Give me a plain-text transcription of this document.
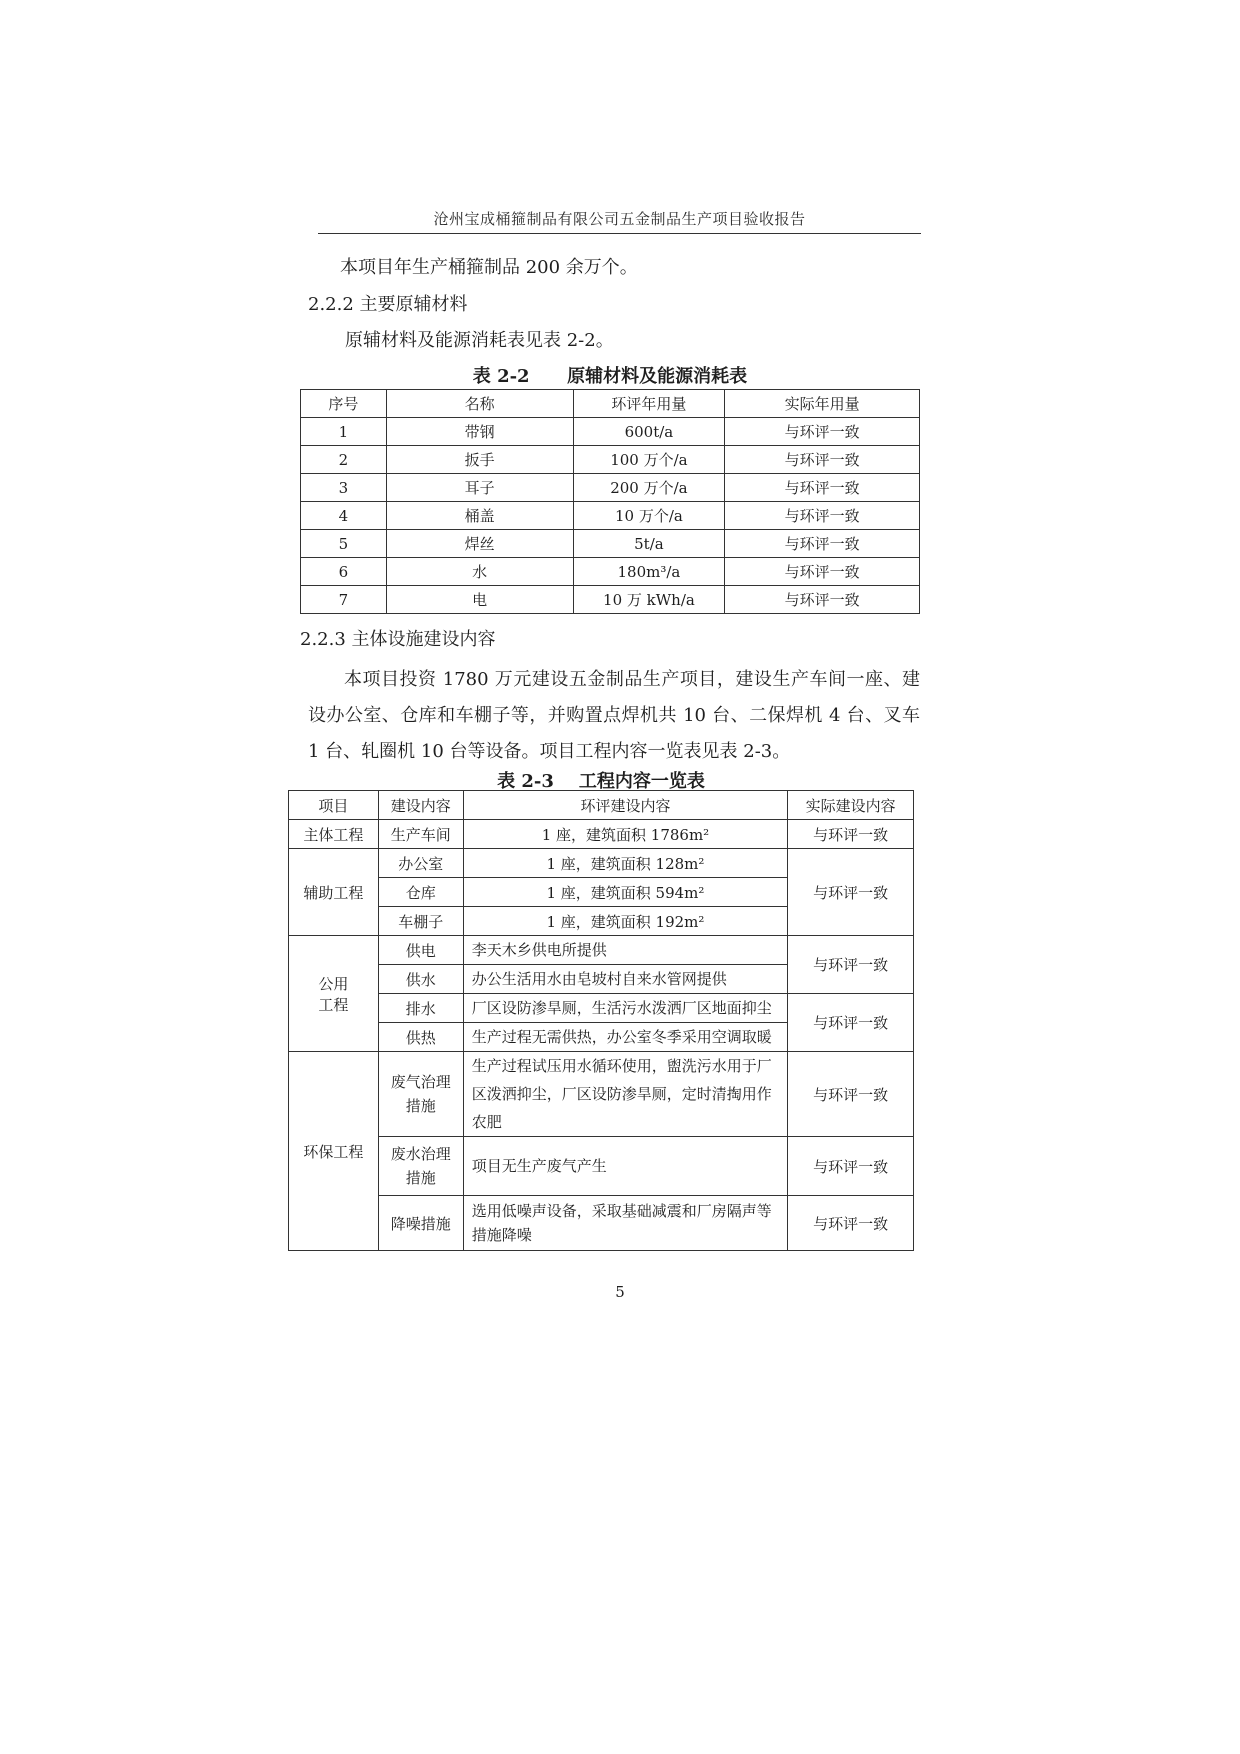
沧州宝成桶箍制品有限公司五金制品生产项目验收报告
本项目年生产桶箍制品 200 余万个。
2.2.2 主要原辅材料
原辅材料及能源消耗表见表 2-2。
表 2-2      原辅材料及能源消耗表
序号	名称	环评年用量	实际年用量
1	带钢	600t/a	与环评一致
2	扳手	100 万个/a	与环评一致
3	耳子	200 万个/a	与环评一致
4	桶盖	10 万个/a	与环评一致
5	焊丝	5t/a	与环评一致
6	水	180m³/a	与环评一致
7	电	10 万 kWh/a	与环评一致
2.2.3 主体设施建设内容
本项目投资 1780 万元建设五金制品生产项目，建设生产车间一座、建设办公室、仓库和车棚子等，并购置点焊机共 10 台、二保焊机 4 台、叉车 1 台、轧圈机 10 台等设备。项目工程内容一览表见表 2-3。
表 2-3    工程内容一览表
项目	建设内容	环评建设内容	实际建设内容
主体工程	生产车间	1 座，建筑面积 1786m²	与环评一致
辅助工程	办公室	1 座，建筑面积 128m²	与环评一致
	仓库	1 座，建筑面积 594m²	
	车棚子	1 座，建筑面积 192m²	
公用
工程	供电	李天木乡供电所提供	与环评一致
	供水	办公生活用水由皂坡村自来水管网提供	
	排水	厂区设防渗旱厕，生活污水泼洒厂区地面抑尘	与环评一致
	供热	生产过程无需供热，办公室冬季采用空调取暖	
环保工程	废气治理
措施	生产过程试压用水循环使用，盥洗污水用于厂区泼洒抑尘，厂区设防渗旱厕，定时清掏用作农肥	与环评一致
	废水治理
措施	项目无生产废气产生	与环评一致
	降噪措施	选用低噪声设备，采取基础减震和厂房隔声等措施降噪	与环评一致
5
